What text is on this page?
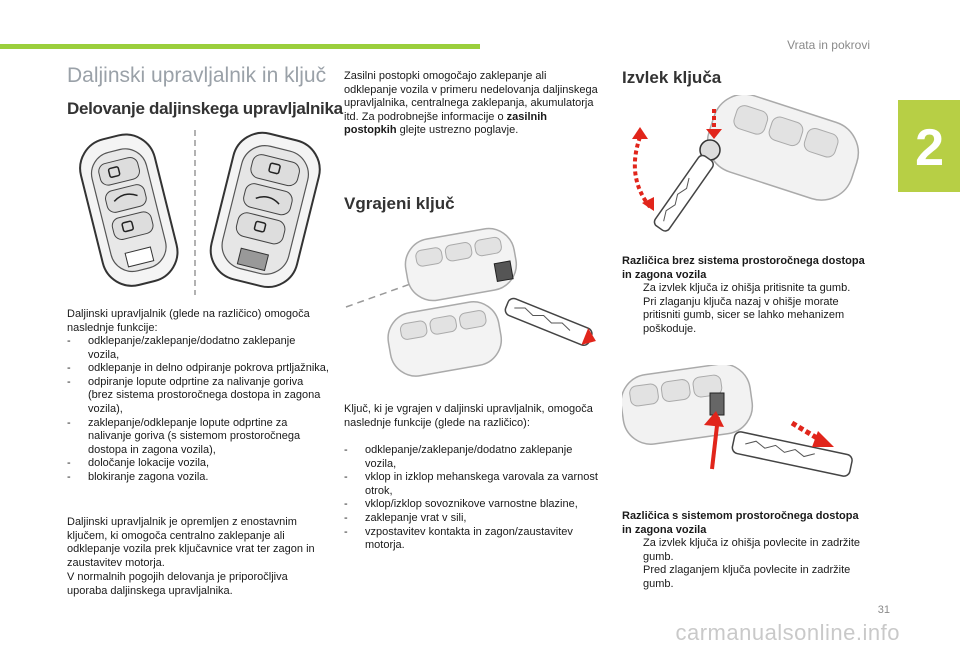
Vrata in pokrovi
2
Daljinski upravljalnik in ključ
Delovanje daljinskega upravljalnika
Daljinski upravljalnik (glede na različico) omogoča naslednje funkcije:
- odklepanje/zaklepanje/dodatno zaklepanje vozila,
- odklepanje in delno odpiranje pokrova prtljažnika,
- odpiranje lopute odprtine za nalivanje goriva (brez sistema prostoročnega dostopa in zagona vozila),
- zaklepanje/odklepanje lopute odprtine za nalivanje goriva (s sistemom prostoročnega dostopa in zagona vozila),
- določanje lokacije vozila,
- blokiranje zagona vozila.
Daljinski upravljalnik je opremljen z enostavnim ključem, ki omogoča centralno zaklepanje ali odklepanje vozila prek ključavnice vrat ter zagon in zaustavitev motorja.
V normalnih pogojih delovanja je priporočljiva uporaba daljinskega upravljalnika.
Zasilni postopki omogočajo zaklepanje ali odklepanje vozila v primeru nedelovanja daljinskega upravljalnika, centralnega zaklepanja, akumulatorja itd. Za podrobnejše informacije o zasilnih postopkih glejte ustrezno poglavje.
Vgrajeni ključ
Ključ, ki je vgrajen v daljinski upravljalnik, omogoča naslednje funkcije (glede na različico):
- odklepanje/zaklepanje/dodatno zaklepanje vozila,
- vklop in izklop mehanskega varovala za varnost otrok,
- vklop/izklop sovoznikove varnostne blazine,
- zaklepanje vrat v sili,
- vzpostavitev kontakta in zagon/zaustavitev motorja.
Izvlek ključa
Različica brez sistema prostoročnega dostopa in zagona vozila
Za izvlek ključa iz ohišja pritisnite ta gumb.
Pri zlaganju ključa nazaj v ohišje morate pritisniti gumb, sicer se lahko mehanizem poškoduje.
Različica s sistemom prostoročnega dostopa in zagona vozila
Za izvlek ključa iz ohišja povlecite in zadržite gumb.
Pred zlaganjem ključa povlecite in zadržite gumb.
31
carmanualsonline.info
